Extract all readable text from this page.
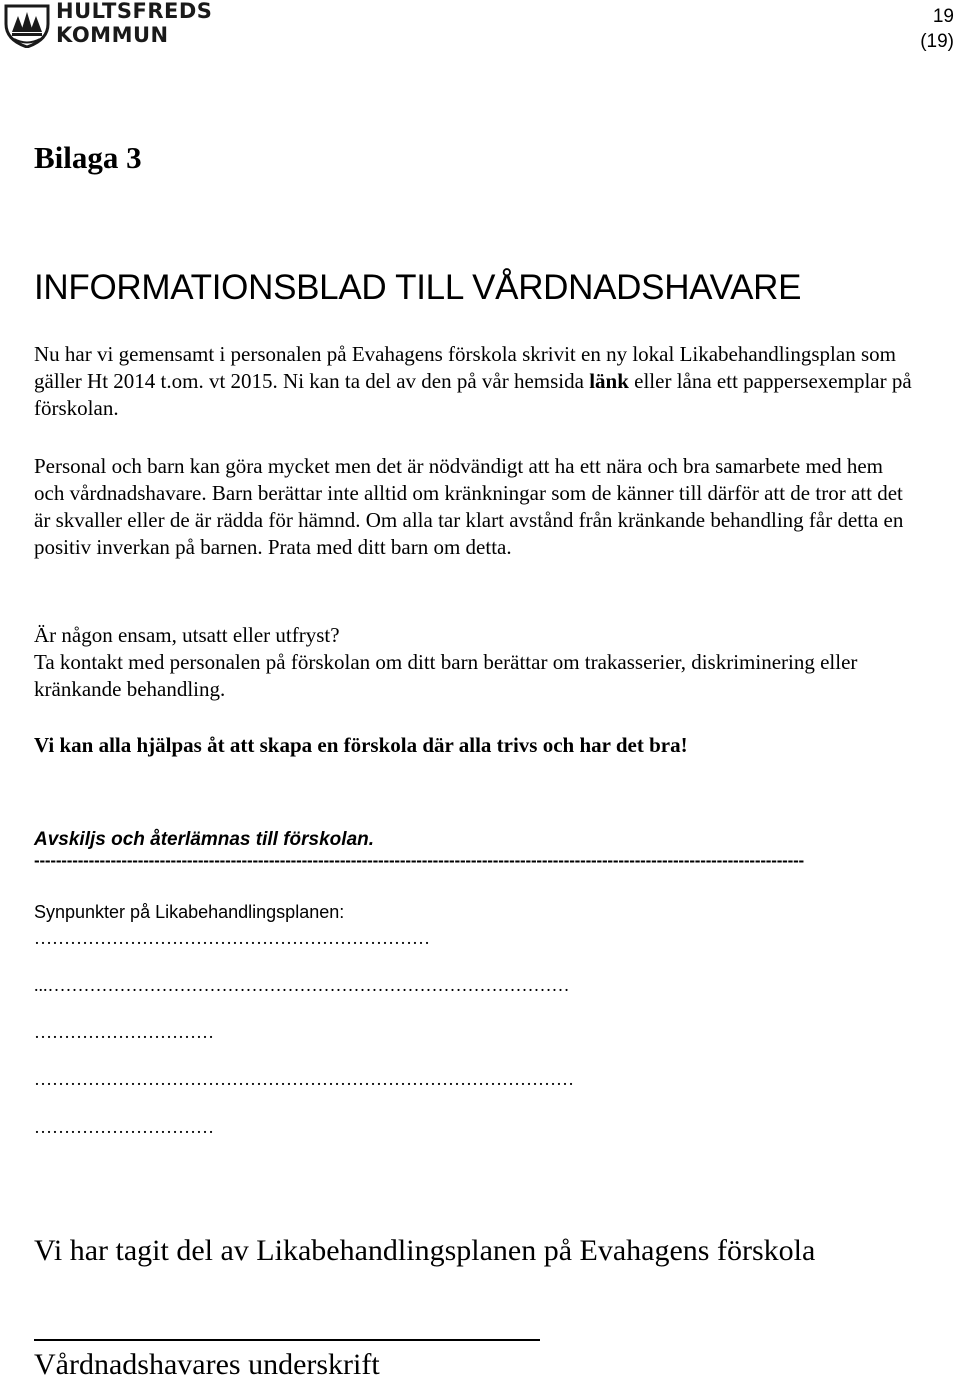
HULTSFREDS
KOMMUN
19
(19)
Bilaga 3
INFORMATIONSBLAD TILL VÅRDNADSHAVARE

Nu har vi gemensamt i personalen på Evahagens förskola skrivit en ny lokal Likabehandlingsplan som gäller Ht 2014 t.om. vt 2015. Ni kan ta del av den på vår hemsida länk eller låna ett pappersexemplar på förskolan.

Personal och barn kan göra mycket men det är nödvändigt att ha ett nära och bra samarbete med hem och vårdnadshavare. Barn berättar inte alltid om kränkningar som de känner till därför att de tror att det är skvaller eller de är rädda för hämnd. Om alla tar klart avstånd från kränkande behandling får detta en positiv inverkan på barnen. Prata med ditt barn om detta.

Är någon ensam, utsatt eller utfryst?
Ta kontakt med personalen på förskolan om ditt barn berättar om trakasserier, diskriminering eller kränkande behandling.

Vi kan alla hjälpas åt att skapa en förskola där alla trivs och har det bra!

Avskiljs och återlämnas till förskolan.

---------------------------------------------------------------------------------------------------------------------------------------------

Synpunkter på Likabehandlingsplanen:

…………………………………………………………
...……………………………………………………………………………
…………………………
………………………………………………………………………………
…………………………

Vi har tagit del av Likabehandlingsplanen på Evahagens förskola

Vårdnadshavares underskrift
